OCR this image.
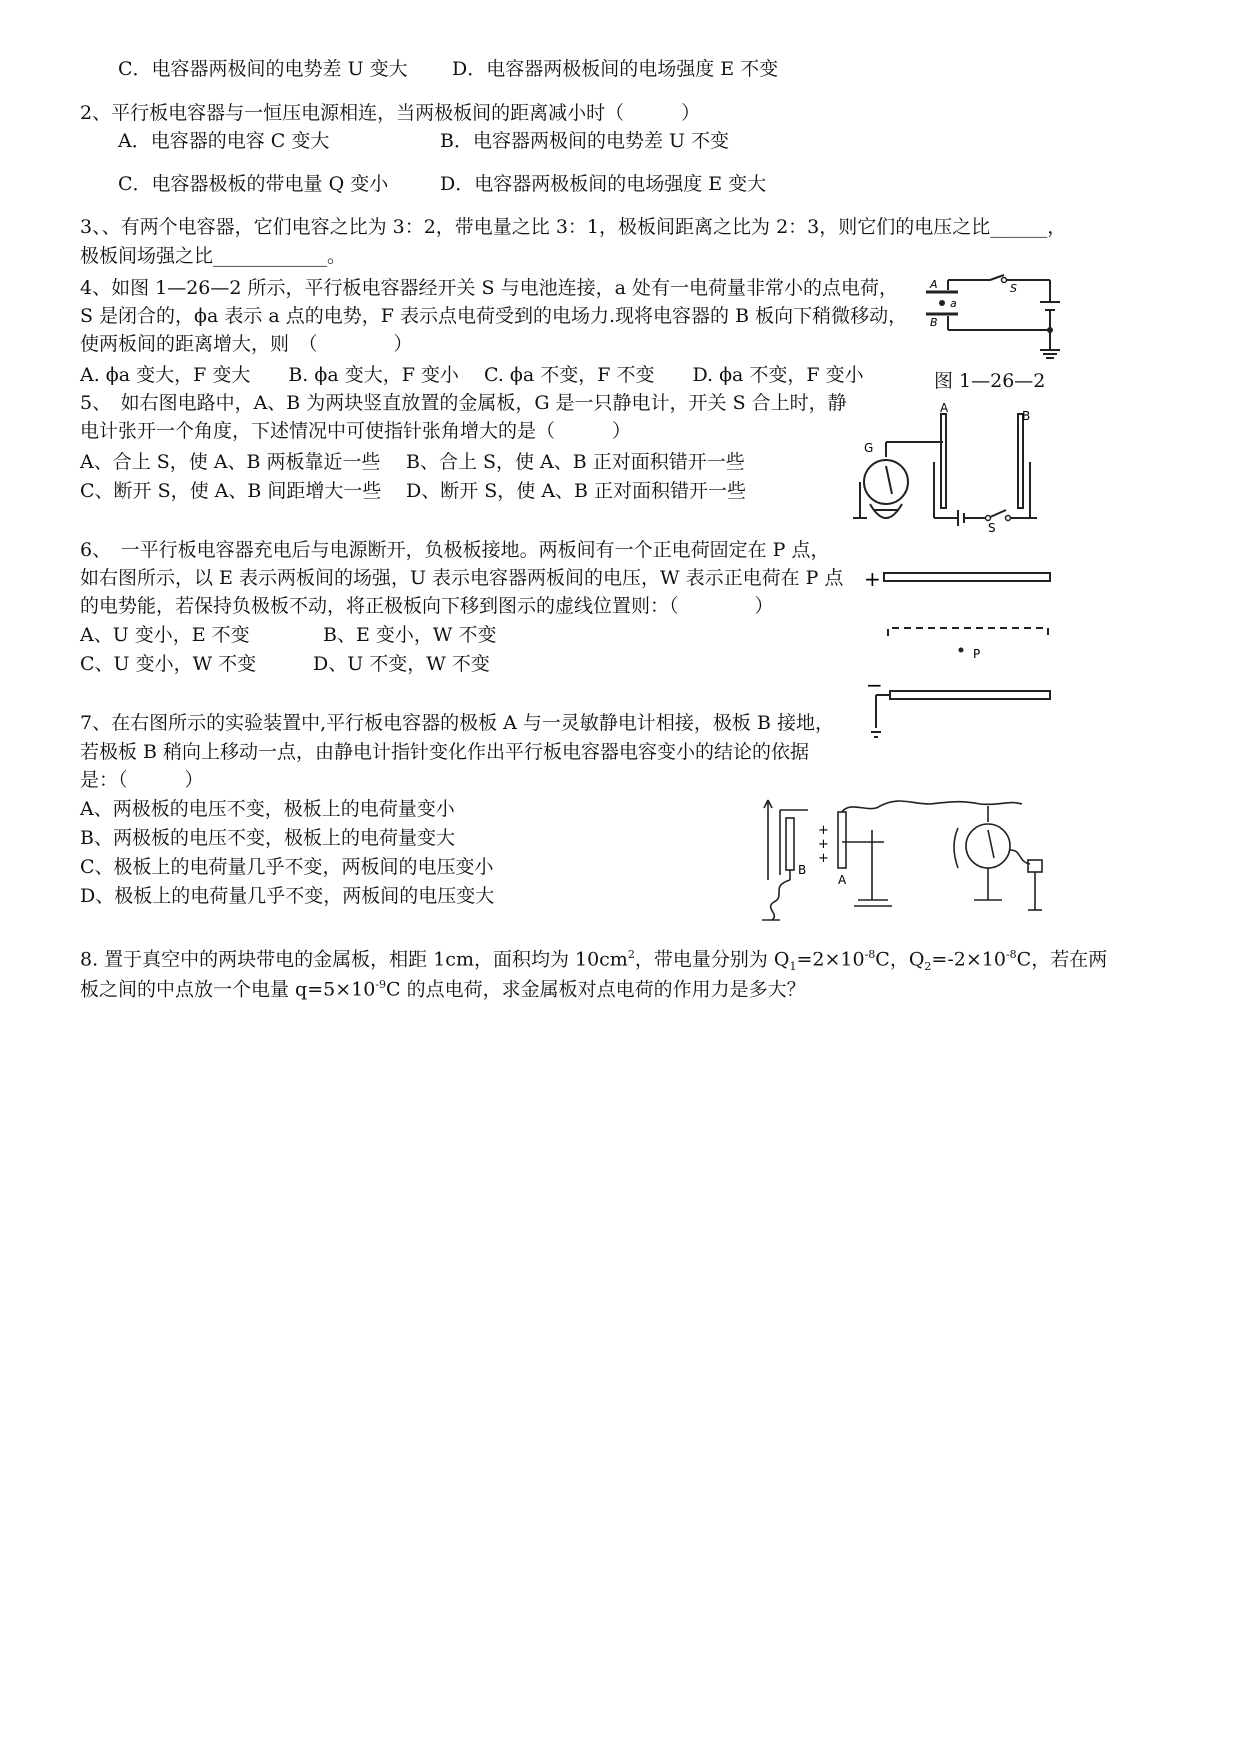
C．电容器两极间的电势差 U 变大 D．电容器两极板间的电场强度 E 不变
2、平行板电容器与一恒压电源相连，当两极板间的距离减小时（　　　）
A．电容器的电容 C 变大	B．电容器两极间的电势差 U 不变
C．电容器极板的带电量 Q 变小	D．电容器两极板间的电场强度 E 变大
3、、有两个电容器，它们电容之比为 3：2，带电量之比 3：1，极板间距离之比为 2：3，则它们的电压之比______，
极板间场强之比____________。
4、如图 1—26—2 所示，平行板电容器经开关 S 与电池连接，a 处有一电荷量非常小的点电荷，
S 是闭合的，ϕa 表示 a 点的电势，F 表示点电荷受到的电场力.现将电容器的 B 板向下稍微移动，
使两板间的距离增大，则　（　　　　）
A. ϕa 变大，F 变大　　B. ϕa 变大，F 变小　 C. ϕa 不变，F 不变　　D. ϕa 不变，F 变小
A
B
a
S
图 1—26—2
5、　如右图电路中，A、B 为两块竖直放置的金属板，G 是一只静电计，开关 S 合上时，静
电计张开一个角度，下述情况中可使指针张角增大的是（　　　）
A、合上 S，使 A、B 两板靠近一些 B、合上 S，使 A、B 正对面积错开一些
C、断开 S，使 A、B 间距增大一些 D、断开 S，使 A、B 正对面积错开一些
A
B
G
S
6、　一平行板电容器充电后与电源断开，负极板接地。两板间有一个正电荷固定在 P 点，
如右图所示，以 E 表示两板间的场强，U 表示电容器两板间的电压，W 表示正电荷在 P 点
的电势能，若保持负极板不动，将正极板向下移到图示的虚线位置则：（　　　　）
A、U 变小，E 不变	B、E 变小，W 不变
C、U 变小，W 不变	D、U 不变，W 不变
+
−
P
7、在右图所示的实验装置中,平行板电容器的极板 A 与一灵敏静电计相接，极板 B 接地，
若极板 B 稍向上移动一点，由静电计指针变化作出平行板电容器电容变小的结论的依据
是：（　　　）
A、两极板的电压不变，极板上的电荷量变小
B、两极板的电压不变，极板上的电荷量变大
C、极板上的电荷量几乎不变，两板间的电压变小
D、极板上的电荷量几乎不变，两板间的电压变大
+
+
+
A
B
8. 置于真空中的两块带电的金属板，相距 1cm，面积均为 $10cm^2$，带电量分别为 $Q_1=2\times 10^{-8}C$，$Q_2=-2\times 10^{-8}C$，若在两
板之间的中点放一个电量 $q=5\times 10^{-9}C$ 的点电荷，求金属板对点电荷的作用力是多大？
